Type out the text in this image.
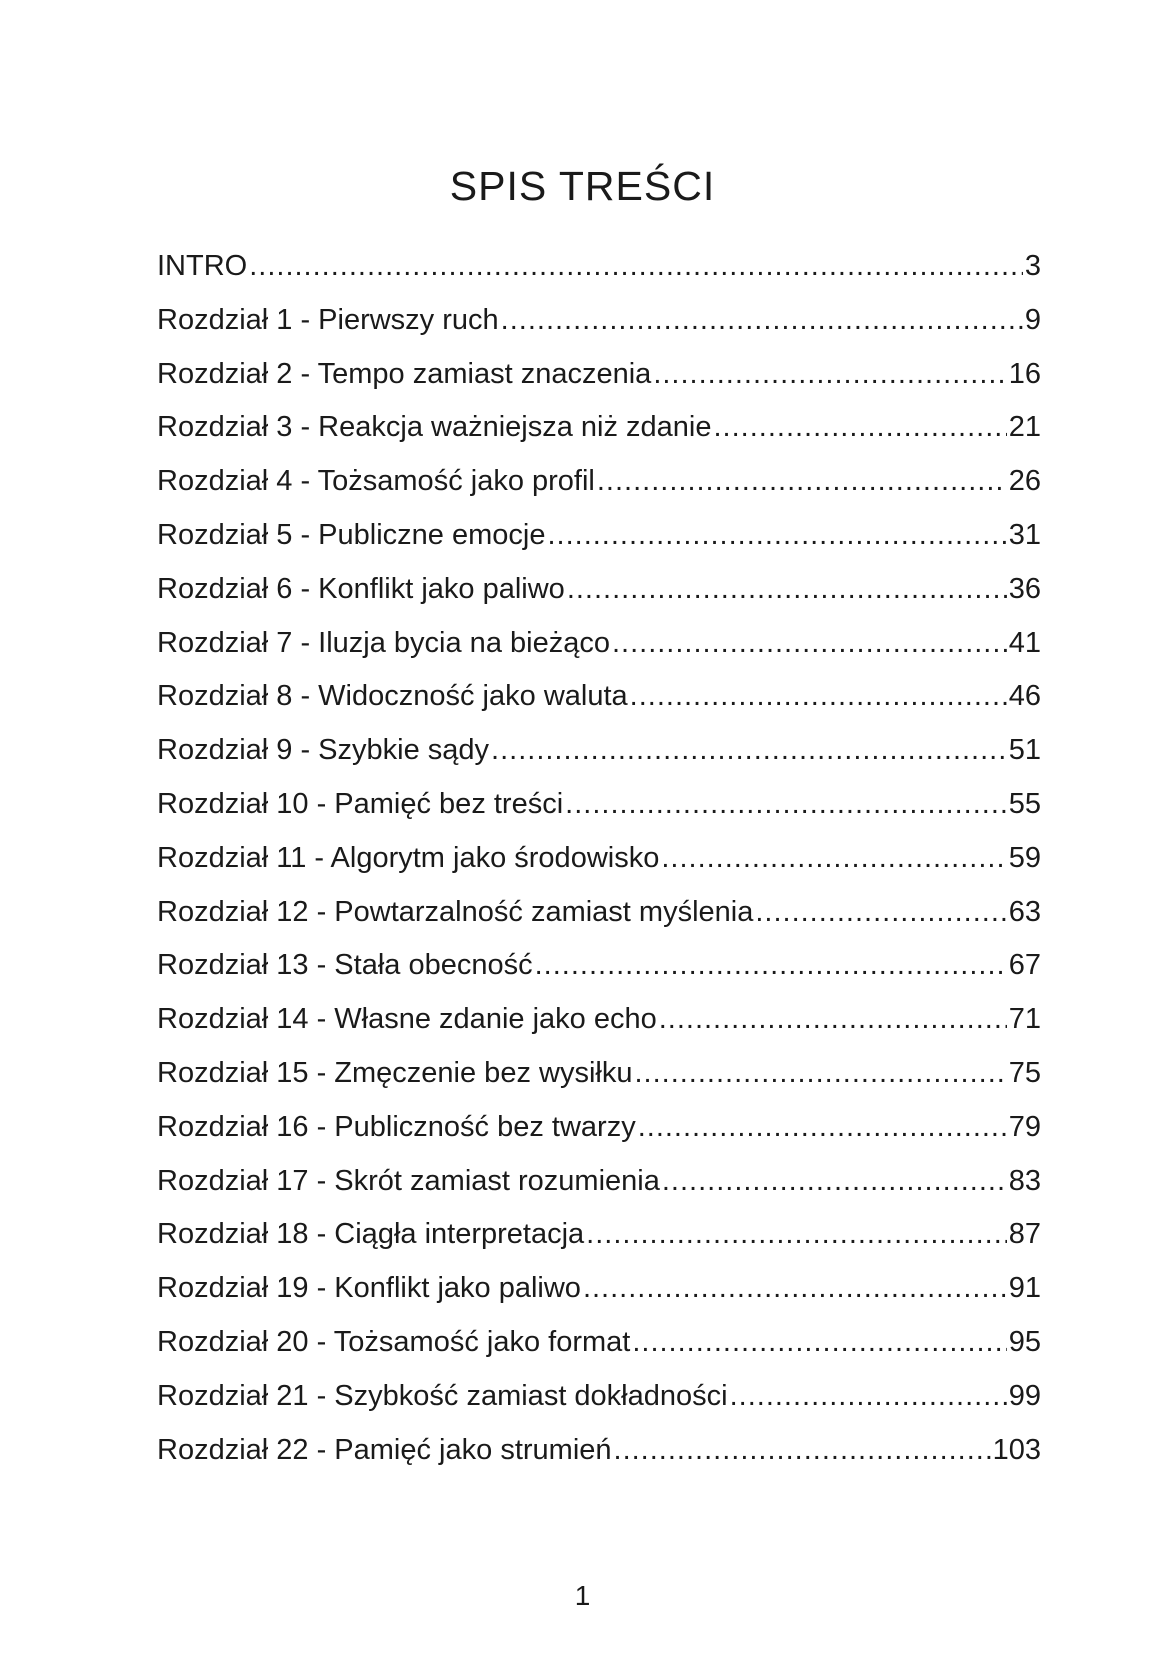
SPIS TREŚCI
INTRO .....	3
Rozdział 1 - Pierwszy ruch .....	9
Rozdział 2 - Tempo zamiast znaczenia .....	16
Rozdział 3 - Reakcja ważniejsza niż zdanie .....	21
Rozdział 4 - Tożsamość jako profil .....	26
Rozdział 5 - Publiczne emocje .....	31
Rozdział 6 - Konflikt jako paliwo .....	36
Rozdział 7 - Iluzja bycia na bieżąco .....	41
Rozdział 8 - Widoczność jako waluta .....	46
Rozdział 9 - Szybkie sądy .....	51
Rozdział 10 - Pamięć bez treści .....	55
Rozdział 11 - Algorytm jako środowisko .....	59
Rozdział 12 - Powtarzalność zamiast myślenia .....	63
Rozdział 13 - Stała obecność .....	67
Rozdział 14 - Własne zdanie jako echo .....	71
Rozdział 15 - Zmęczenie bez wysiłku .....	75
Rozdział 16 - Publiczność bez twarzy .....	79
Rozdział 17 - Skrót zamiast rozumienia .....	83
Rozdział 18 - Ciągła interpretacja .....	87
Rozdział 19 - Konflikt jako paliwo .....	91
Rozdział 20 - Tożsamość jako format .....	95
Rozdział 21 - Szybkość zamiast dokładności .....	99
Rozdział 22 - Pamięć jako strumień .....	103
1
